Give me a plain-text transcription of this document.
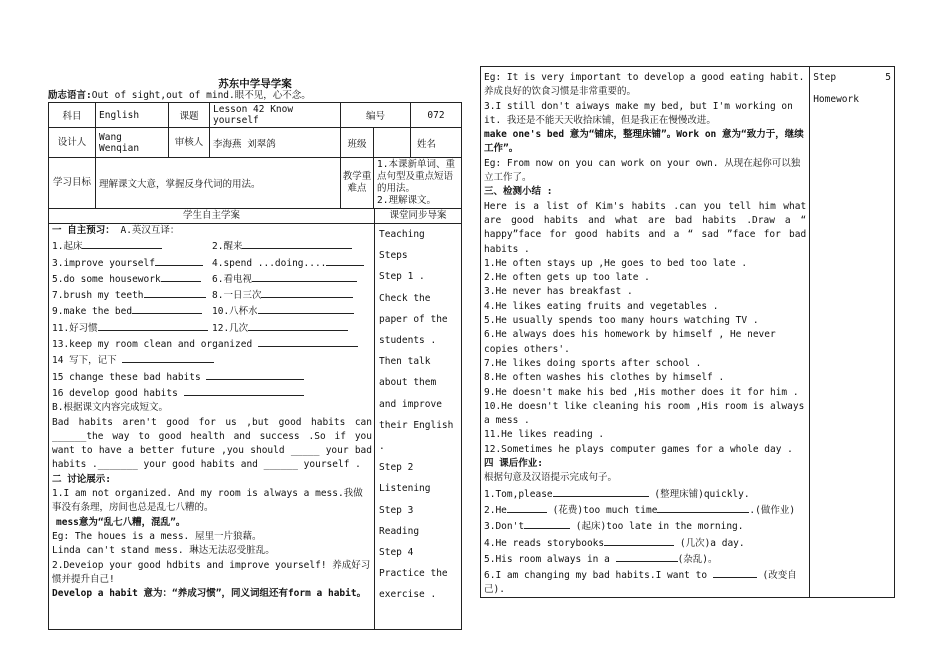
苏东中学导学案
励志语言:Out of sight,out of mind.眼不见，心不念。
科目	English	课题	Lesson 42 Know yourself	编号		072
设计人	Wang Wenqian	审核人	李海燕 刘翠鸽	班级		姓名
学习目标	理解课文大意，掌握反身代词的用法。			教学重难点	1.本课新单词、重点句型及重点短语的用法。
2.理解课文。	
学生自主学案
一 自主预习： A.英汉互译：
1.起床	2.醒来
3.improve yourself	4.spend ...doing....
5.do some housework	6.看电视
7.brush my teeth	8.一日三次
9.make the bed	10.八杯水
11.好习惯	12.几次
13.keep my room clean and organized
14 写下，记下
15 change these bad habits
16 develop good habits
B.根据课文内容完成短文。
Bad habits aren't good for us ,but good habits can ______the way to good health and success .So if you want to have a better future ,you should _____ your bad habits ._______ your good habits and ______ yourself .
二 讨论展示:
1.I am not organized. And my room is always a mess.我做事没有条理，房间也总是乱七八糟的。
mess意为“乱七八糟，混乱”。
Eg: The houes is a mess. 屋里一片狼藉。
Linda can't stand mess. 琳达无法忍受脏乱。
2.Deveiop your good hdbits and improve yourself! 养成好习惯并提升自己!
Develop a habit 意为：“养成习惯”，同义词组还有form a habit。
课堂同步导案
Teaching Steps
Step 1 . Check the paper of the students .
Then talk about them and improve their English .
Step 2 Listening
Step 3 Reading
Step 4 Practice the exercise .
Eg: It is very important to develop a good eating habit. 养成良好的饮食习惯是非常重要的。
3.I still don't aiways make my bed, but I'm working on it. 我还是不能天天收拾床铺，但是我正在慢慢改进。
make one's bed 意为“铺床，整理床铺”。Work on 意为“致力于，继续工作”。
Eg: From now on you can work on your own. 从现在起你可以独立工作了。
三、检测小结 :
Here is a list of Kim's habits .can you tell him what are good habits and what are bad habits .Draw a “ happy”face for good habits and a “ sad ”face for bad habits .
1.He often stays up ,He goes to bed too late .
2.He often gets up too late .
3.He never has breakfast .
4.He likes eating fruits and vegetables .
5.He usually spends too many hours watching TV .
6.He always does his homework by himself , He never copies others'.
7.He likes doing sports after school .
8.He often washes his clothes by himself .
9.He doesn't make his bed ,His mother does it for him .
10.He doesn't like cleaning his room ,His room is always a mess .
11.He likes reading .
12.Sometimes he plays computer games for a whole day .
四 课后作业:
根据句意及汉语提示完成句子。
1.Tom,please	(整理床铺)quickly.
2.He	(花费)too much time	.(做作业)
3.Don't	(起床)too late in the morning.
4.He reads storybooks	(几次)a day.
5.His room always in a	(杂乱)。
6.I am changing my bad habits.I want to	(改变自己).
Step 5
Homework
